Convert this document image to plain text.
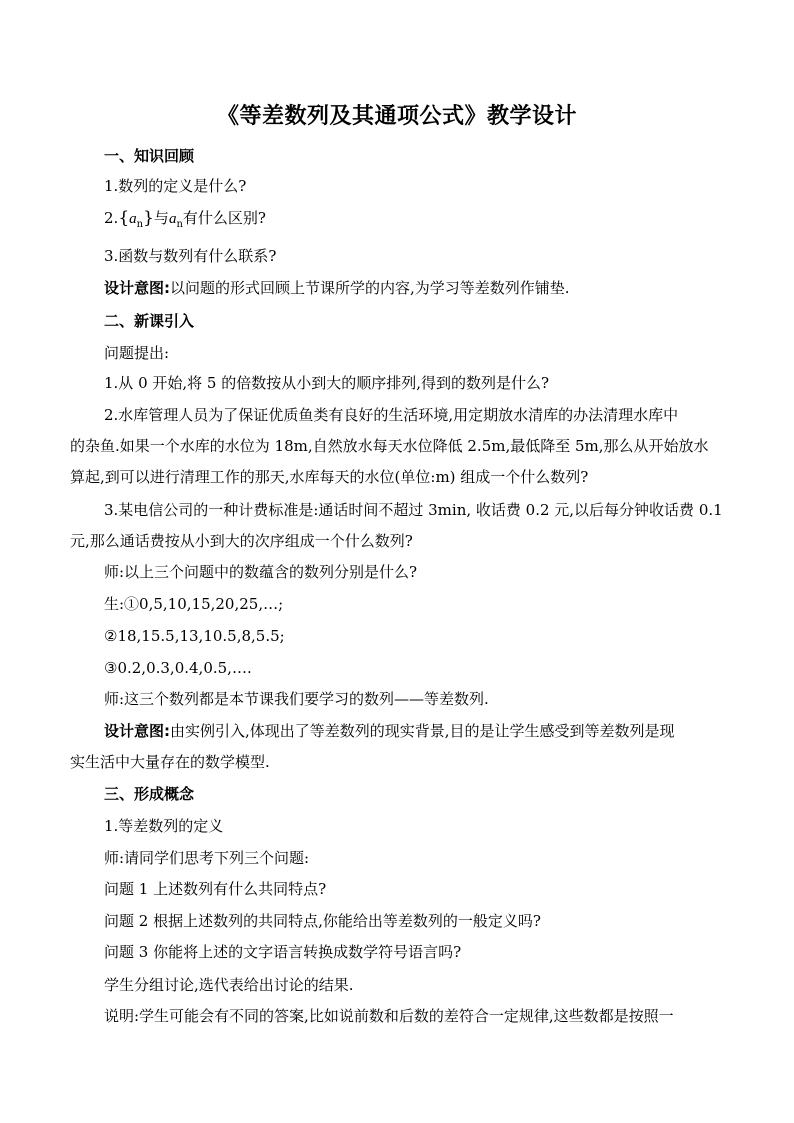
《等差数列及其通项公式》教学设计
一、知识回顾
1.数列的定义是什么?
$2.\{a_n\}$与$a_n$有什么区别?
3.函数与数列有什么联系?
设计意图:以问题的形式回顾上节课所学的内容,为学习等差数列作铺垫.
二、新课引入
问题提出:
1.从 0 开始,将 5 的倍数按从小到大的顺序排列,得到的数列是什么?
2.水库管理人员为了保证优质鱼类有良好的生活环境,用定期放水清库的办法清理水库中
的杂鱼.如果一个水库的水位为 18m,自然放水每天水位降低 2.5m,最低降至 5m,那么从开始放水
算起,到可以进行清理工作的那天,水库每天的水位(单位:m) 组成一个什么数列?
3.某电信公司的一种计费标准是:通话时间不超过 3min, 收话费 0.2 元,以后每分钟收话费 0.1
元,那么通话费按从小到大的次序组成一个什么数列?
师:以上三个问题中的数蕴含的数列分别是什么?
生:①0,5,10,15,20,25,…;
②18,15.5,13,10.5,8,5.5;
③0.2,0.3,0.4,0.5,….
师:这三个数列都是本节课我们要学习的数列——等差数列.
设计意图:由实例引入,体现出了等差数列的现实背景,目的是让学生感受到等差数列是现
实生活中大量存在的数学模型.
三、形成概念
1.等差数列的定义
师:请同学们思考下列三个问题:
问题 1 上述数列有什么共同特点?
问题 2 根据上述数列的共同特点,你能给出等差数列的一般定义吗?
问题 3 你能将上述的文字语言转换成数学符号语言吗?
学生分组讨论,选代表给出讨论的结果.
说明:学生可能会有不同的答案,比如说前数和后数的差符合一定规律,这些数都是按照一
